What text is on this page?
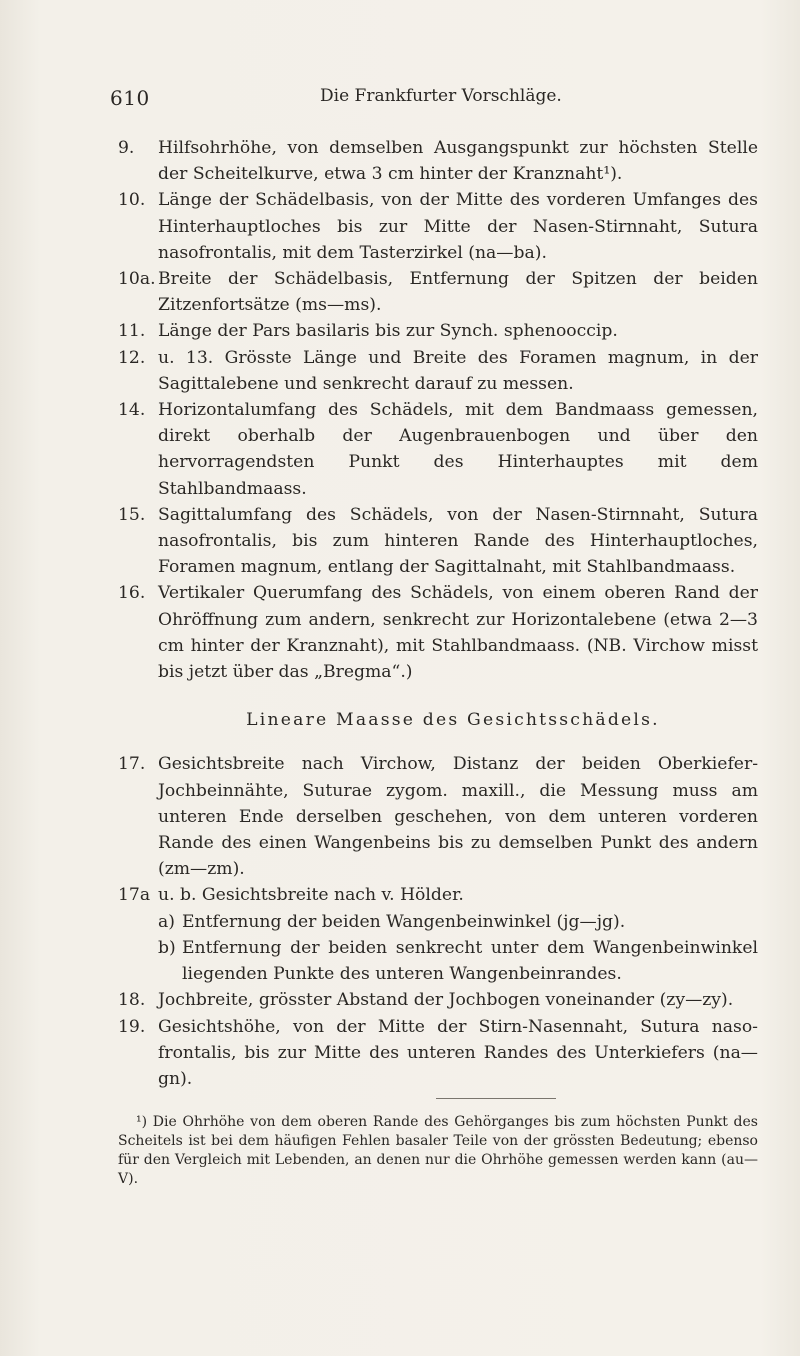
610	Die Frankfurter Vorschläge.

9. Hilfsohrhöhe, von demselben Ausgangspunkt zur höchsten Stelle der Scheitelkurve, etwa 3 cm hinter der Kranznaht¹).

10. Länge der Schädelbasis, von der Mitte des vorderen Umfanges des Hinterhauptloches bis zur Mitte der Nasen-Stirnnaht, Sutura nasofrontalis, mit dem Tasterzirkel (na—ba).

10a. Breite der Schädelbasis, Entfernung der Spitzen der beiden Zitzenfortsätze (ms—ms).

11. Länge der Pars basilaris bis zur Synch. sphenooccip.

12. u. 13. Grösste Länge und Breite des Foramen magnum, in der Sagittalebene und senkrecht darauf zu messen.

14. Horizontalumfang des Schädels, mit dem Bandmaass gemessen, direkt oberhalb der Augenbrauenbogen und über den hervorragendsten Punkt des Hinterhauptes mit dem Stahlbandmaass.

15. Sagittalumfang des Schädels, von der Nasen-Stirnnaht, Sutura nasofrontalis, bis zum hinteren Rande des Hinterhauptloches, Foramen magnum, entlang der Sagittalnaht, mit Stahlbandmaass.

16. Vertikaler Querumfang des Schädels, von einem oberen Rand der Ohröffnung zum andern, senkrecht zur Horizontalebene (etwa 2—3 cm hinter der Kranznaht), mit Stahlbandmaass. (NB. Virchow misst bis jetzt über das „Bregma“.)

Lineare Maasse des Gesichtsschädels.

17. Gesichtsbreite nach Virchow, Distanz der beiden Oberkiefer-Jochbeinnähte, Suturae zygom. maxill., die Messung muss am unteren Ende derselben geschehen, von dem unteren vorderen Rande des einen Wangenbeins bis zu demselben Punkt des andern (zm—zm).

17a u. b. Gesichtsbreite nach v. Hölder.

a) Entfernung der beiden Wangenbeinwinkel (jg—jg).

b) Entfernung der beiden senkrecht unter dem Wangenbeinwinkel liegenden Punkte des unteren Wangenbeinrandes.

18. Jochbreite, grösster Abstand der Jochbogen voneinander (zy—zy).

19. Gesichtshöhe, von der Mitte der Stirn-Nasennaht, Sutura naso-frontalis, bis zur Mitte des unteren Randes des Unterkiefers (na—gn).

¹) Die Ohrhöhe von dem oberen Rande des Gehörganges bis zum höchsten Punkt des Scheitels ist bei dem häufigen Fehlen basaler Teile von der grössten Bedeutung; ebenso für den Vergleich mit Lebenden, an denen nur die Ohrhöhe gemessen werden kann (au—V).
